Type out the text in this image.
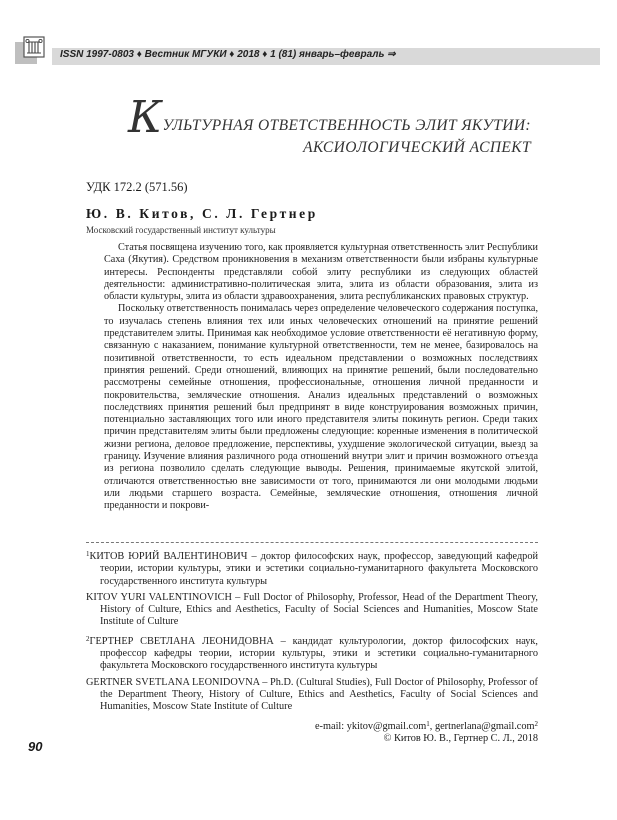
ISSN 1997-0803 ♦ Вестник МГУКИ ♦ 2018 ♦ 1 (81) январь–февраль ⇒
КУЛЬТУРНАЯ ОТВЕТСТВЕННОСТЬ ЭЛИТ ЯКУТИИ:
АКСИОЛОГИЧЕСКИЙ АСПЕКТ
УДК 172.2 (571.56)
Ю. В. Китов, С. Л. Гертнер
Московский государственный институт культуры

Статья посвящена изучению того, как проявляется культурная ответственность элит Республики Саха (Якутия). Средством проникновения в механизм ответственности были избраны культурные интересы. Респонденты представляли собой элиту республики из следующих областей деятельности: административно-политическая элита, элита из области образования, элита из области культуры, элита из области здравоохранения, элита республиканских правовых структур.

Поскольку ответственность понималась через определение человеческого содержания поступка, то изучалась степень влияния тех или иных человеческих отношений на принятие решений представителем элиты. Принимая как необходимое условие ответственности её негативную форму, связанную с наказанием, понимание культурной ответственности, тем не менее, базировалось на позитивной ответственности, то есть идеальном представлении о возможных последствиях принятия решений. Среди отношений, влияющих на принятие решений, были последовательно рассмотрены семейные отношения, профессиональные, отношения личной преданности и покровительства, земляческие отношения. Анализ идеальных представлений о возможных последствиях принятия решений был предпринят в виде конструирования возможных причин, потенциально заставляющих того или иного представителя элиты покинуть регион. Среди таких причин представителям элиты были предложены следующие: коренные изменения в политической жизни региона, деловое предложение, перспективы, ухудшение экологической ситуации, выезд за границу. Изучение влияния различного рода отношений внутри элит и причин возможного отъезда из региона позволило сделать следующие выводы. Решения, принимаемые якутской элитой, отличаются ответственностью вне зависимости от того, принимаются ли они молодыми людьми или людьми старшего возраста. Семейные, земляческие отношения, отношения личной преданности и покрови-

$^1$КИТОВ ЮРИЙ ВАЛЕНТИНОВИЧ – доктор философских наук, профессор, заведующий кафедрой теории, истории культуры, этики и эстетики социально-гуманитарного факультета Московского государственного института культуры

KITOV YURI VALENTINOVICH – Full Doctor of Philosophy, Professor, Head of the Department Theory, History of Culture, Ethics and Aesthetics, Faculty of Social Sciences and Humanities, Moscow State Institute of Culture

$^2$ГЕРТНЕР СВЕТЛАНА ЛЕОНИДОВНА – кандидат культурологии, доктор философских наук, профессор кафедры теории, истории культуры, этики и эстетики социально-гуманитарного факультета Московского государственного института культуры

GERTNER SVETLANA LEONIDOVNA – Ph.D. (Cultural Studies), Full Doctor of Philosophy, Professor of the Department Theory, History of Culture, Ethics and Aesthetics, Faculty of Social Sciences and Humanities, Moscow State Institute of Culture

e-mail: ykitov@gmail.com$^1$, gertnerlana@gmail.com$^2$
© Китов Ю. В., Гертнер С. Л., 2018
90
